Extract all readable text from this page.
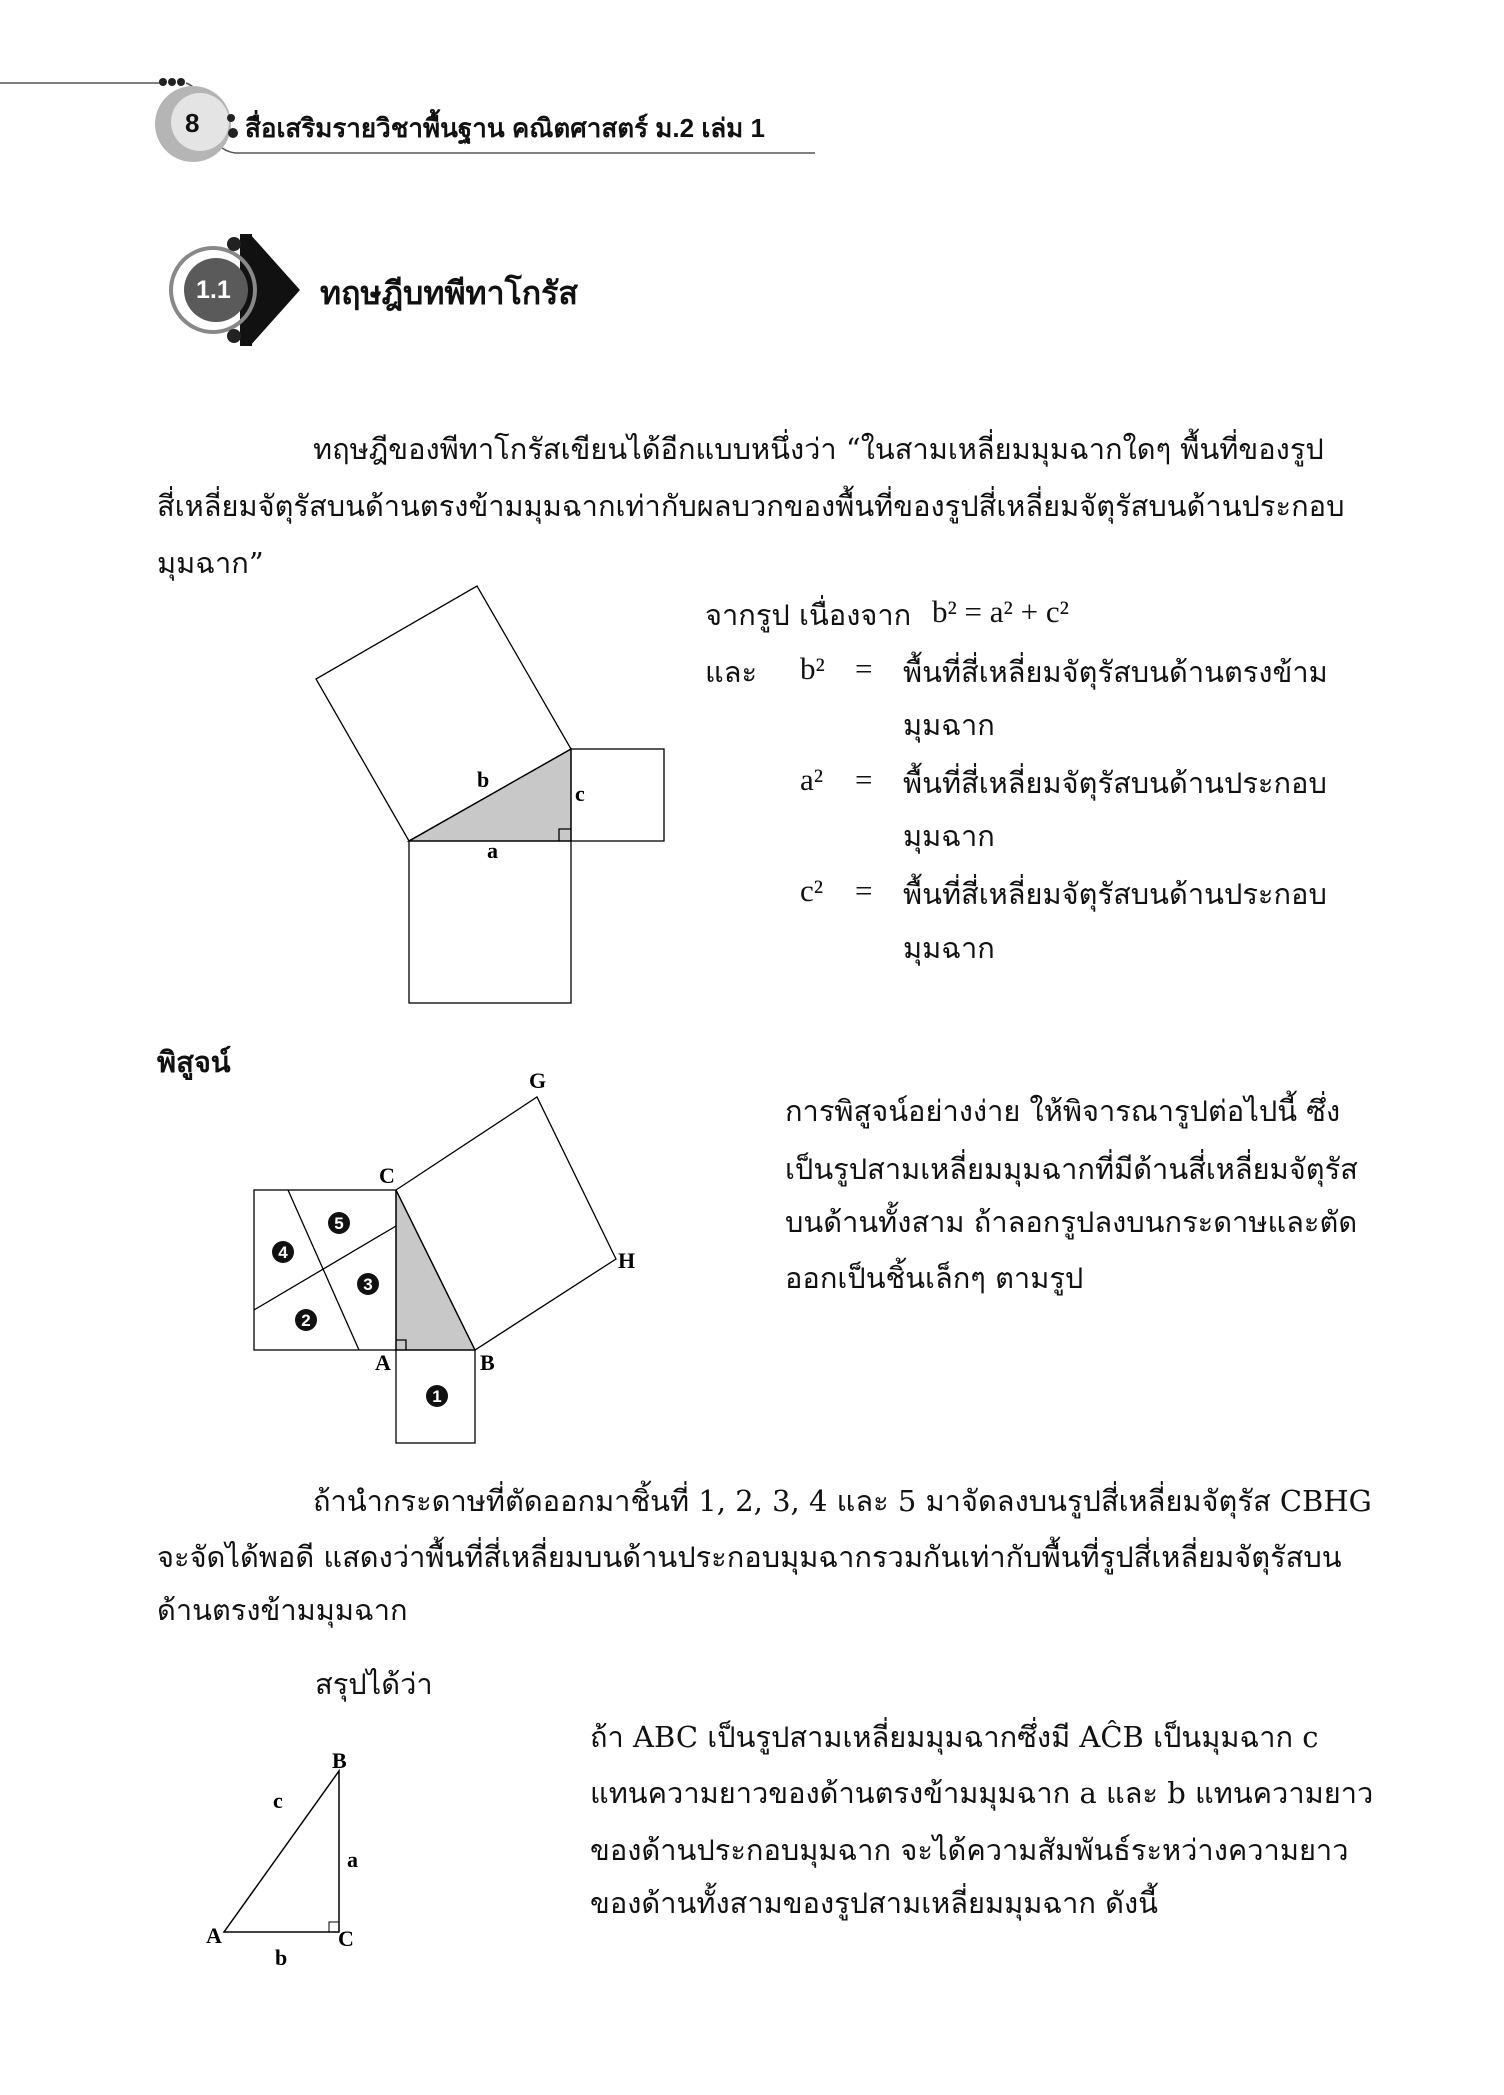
1
2
3
4
5
G
C
H
A	B
b
c
a
A
B
C
c
a
b
8 สื่อเสริมรายวิชาพื้นฐาน คณิตศาสตร์ ม.2 เล่ม 1
1.1	ทฤษฎีบทพีทาโกรัส
ทฤษฎีของพีทาโกรัสเขียนได้อีกแบบหนึ่งว่า “ในสามเหลี่ยมมุมฉากใดๆ พื้นที่ของรูป
สี่เหลี่ยมจัตุรัสบนด้านตรงข้ามมุมฉากเท่ากับผลบวกของพื้นที่ของรูปสี่เหลี่ยมจัตุรัสบนด้านประกอบ
มุมฉาก”
จากรูป เนื่องจาก b² = a² + c²
และ b² = พื้นที่สี่เหลี่ยมจัตุรัสบนด้านตรงข้าม
มุมฉาก
a² = พื้นที่สี่เหลี่ยมจัตุรัสบนด้านประกอบ
มุมฉาก
c² = พื้นที่สี่เหลี่ยมจัตุรัสบนด้านประกอบ
มุมฉาก
พิสูจน์
การพิสูจน์อย่างง่าย ให้พิจารณารูปต่อไปนี้ ซึ่ง
เป็นรูปสามเหลี่ยมมุมฉากที่มีด้านสี่เหลี่ยมจัตุรัส
บนด้านทั้งสาม ถ้าลอกรูปลงบนกระดาษและตัด
ออกเป็นชิ้นเล็กๆ ตามรูป
ถ้านำกระดาษที่ตัดออกมาชิ้นที่ 1, 2, 3, 4 และ 5 มาจัดลงบนรูปสี่เหลี่ยมจัตุรัส CBHG
จะจัดได้พอดี แสดงว่าพื้นที่สี่เหลี่ยมบนด้านประกอบมุมฉากรวมกันเท่ากับพื้นที่รูปสี่เหลี่ยมจัตุรัสบน
ด้านตรงข้ามมุมฉาก
สรุปได้ว่า
ถ้า ABC เป็นรูปสามเหลี่ยมมุมฉากซึ่งมี AĈB เป็นมุมฉาก c
แทนความยาวของด้านตรงข้ามมุมฉาก a และ b แทนความยาว
ของด้านประกอบมุมฉาก จะได้ความสัมพันธ์ระหว่างความยาว
ของด้านทั้งสามของรูปสามเหลี่ยมมุมฉาก ดังนี้
